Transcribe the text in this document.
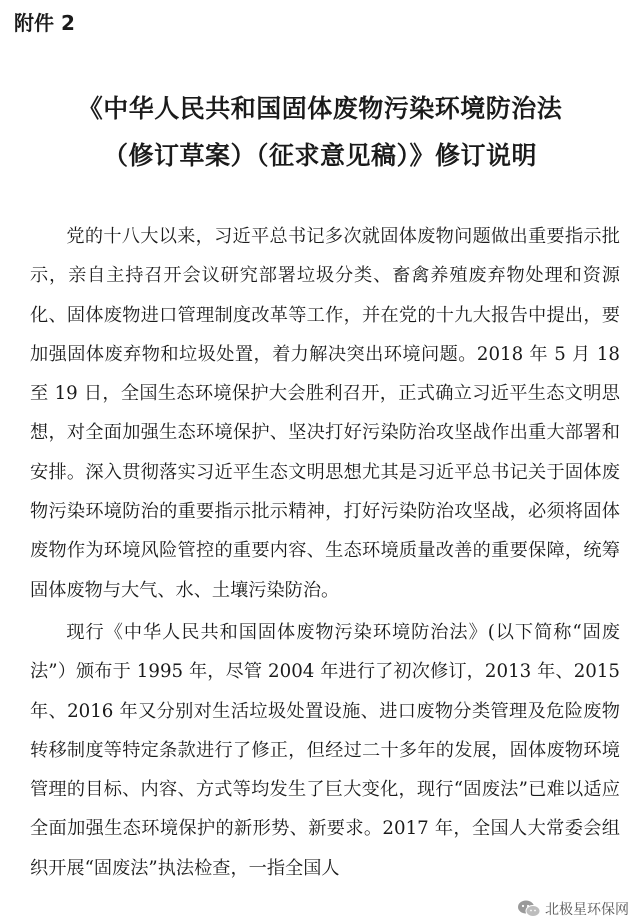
附件 2
《中华人民共和国固体废物污染环境防治法
（修订草案）（征求意见稿）》修订说明

党的十八大以来，习近平总书记多次就固体废物问题做出重要指示批示，亲自主持召开会议研究部署垃圾分类、畜禽养殖废弃物处理和资源化、固体废物进口管理制度改革等工作，并在党的十九大报告中提出，要加强固体废弃物和垃圾处置，着力解决突出环境问题。2018 年 5 月 18 至 19 日，全国生态环境保护大会胜利召开，正式确立习近平生态文明思想，对全面加强生态环境保护、坚决打好污染防治攻坚战作出重大部署和安排。深入贯彻落实习近平生态文明思想尤其是习近平总书记关于固体废物污染环境防治的重要指示批示精神，打好污染防治攻坚战，必须将固体废物作为环境风险管控的重要内容、生态环境质量改善的重要保障，统筹固体废物与大气、水、土壤污染防治。

现行《中华人民共和国固体废物污染环境防治法》(以下简称“固废法”）颁布于 1995 年，尽管 2004 年进行了初次修订，2013 年、2015 年、2016 年又分别对生活垃圾处置设施、进口废物分类管理及危险废物转移制度等特定条款进行了修正，但经过二十多年的发展，固体废物环境管理的目标、内容、方式等均发生了巨大变化，现行“固废法”已难以适应全面加强生态环境保护的新形势、新要求。2017 年，全国人大常委会组织开展“固废法”执法检查，一指全国人

北极星环保网
